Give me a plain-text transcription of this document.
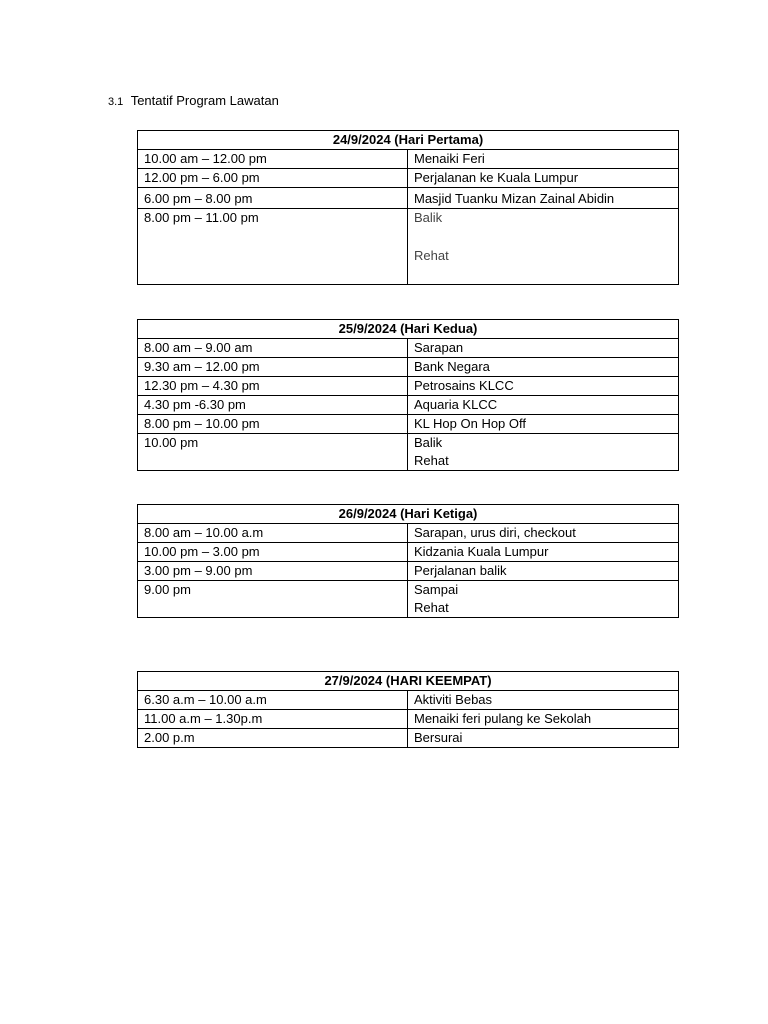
3.1 Tentatif Program Lawatan
24/9/2024 (Hari Pertama)	
10.00 am – 12.00 pm	Menaiki Feri
12.00 pm – 6.00 pm	Perjalanan ke Kuala Lumpur
6.00 pm – 8.00 pm	Masjid Tuanku Mizan Zainal Abidin
8.00 pm – 11.00 pm	Balik
Rehat
25/9/2024 (Hari Kedua)	
8.00 am – 9.00 am	Sarapan
9.30 am – 12.00 pm	Bank Negara
12.30 pm – 4.30 pm	Petrosains KLCC
4.30 pm -6.30 pm	Aquaria KLCC
8.00 pm – 10.00 pm	KL Hop On Hop Off
10.00 pm	Balik
Rehat
26/9/2024 (Hari Ketiga)	
8.00 am – 10.00 a.m	Sarapan, urus diri, checkout
10.00 pm – 3.00 pm	Kidzania Kuala Lumpur
3.00 pm – 9.00 pm	Perjalanan balik
9.00 pm	Sampai
Rehat
27/9/2024 (HARI KEEMPAT)	
6.30 a.m – 10.00 a.m	Aktiviti Bebas
11.00 a.m – 1.30p.m	Menaiki feri pulang ke Sekolah
2.00 p.m	Bersurai
